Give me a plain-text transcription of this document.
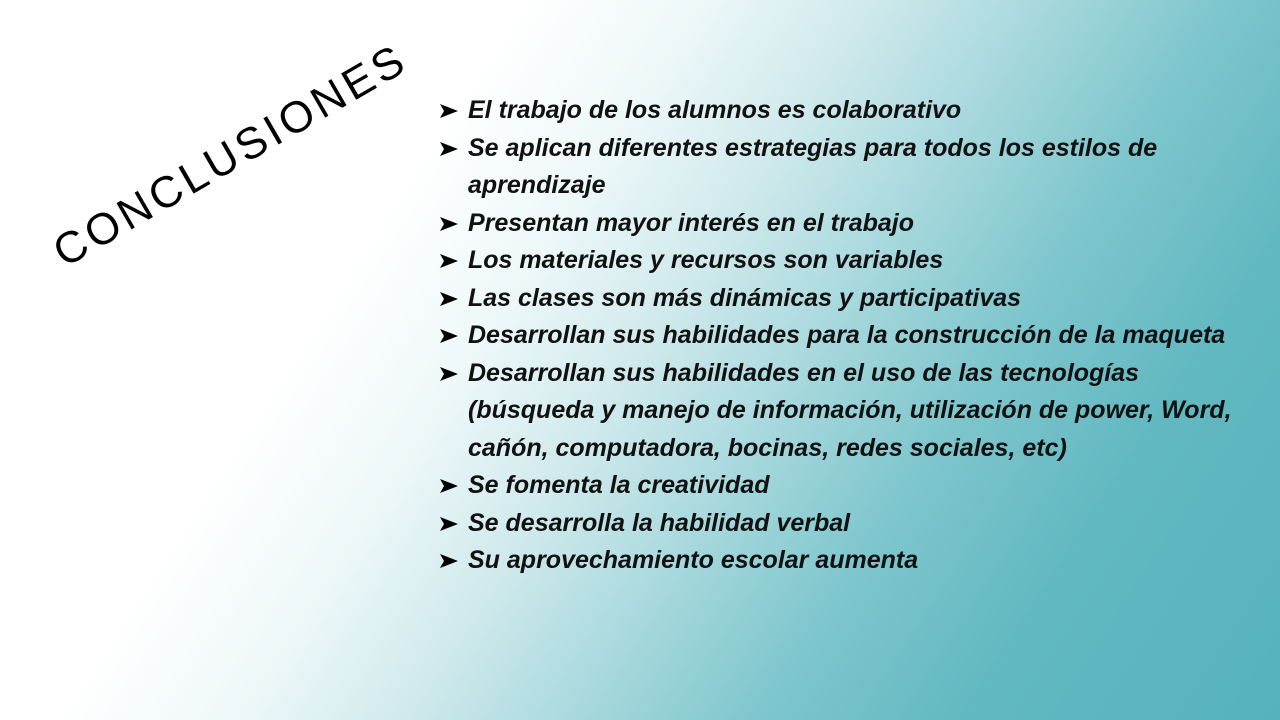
CONCLUSIONES	El trabajo de los alumnos es colaborativo
Se aplican diferentes estrategias para todos los estilos de aprendizaje
Presentan mayor interés en el trabajo
Los materiales y recursos son variables
Las clases son más dinámicas y participativas
Desarrollan sus habilidades para la construcción de la maqueta
Desarrollan sus habilidades en el uso de las tecnologías (búsqueda y manejo de información, utilización de power, Word, cañón, computadora, bocinas, redes sociales, etc)
Se fomenta la creatividad
Se desarrolla la habilidad verbal
Su aprovechamiento escolar aumenta
